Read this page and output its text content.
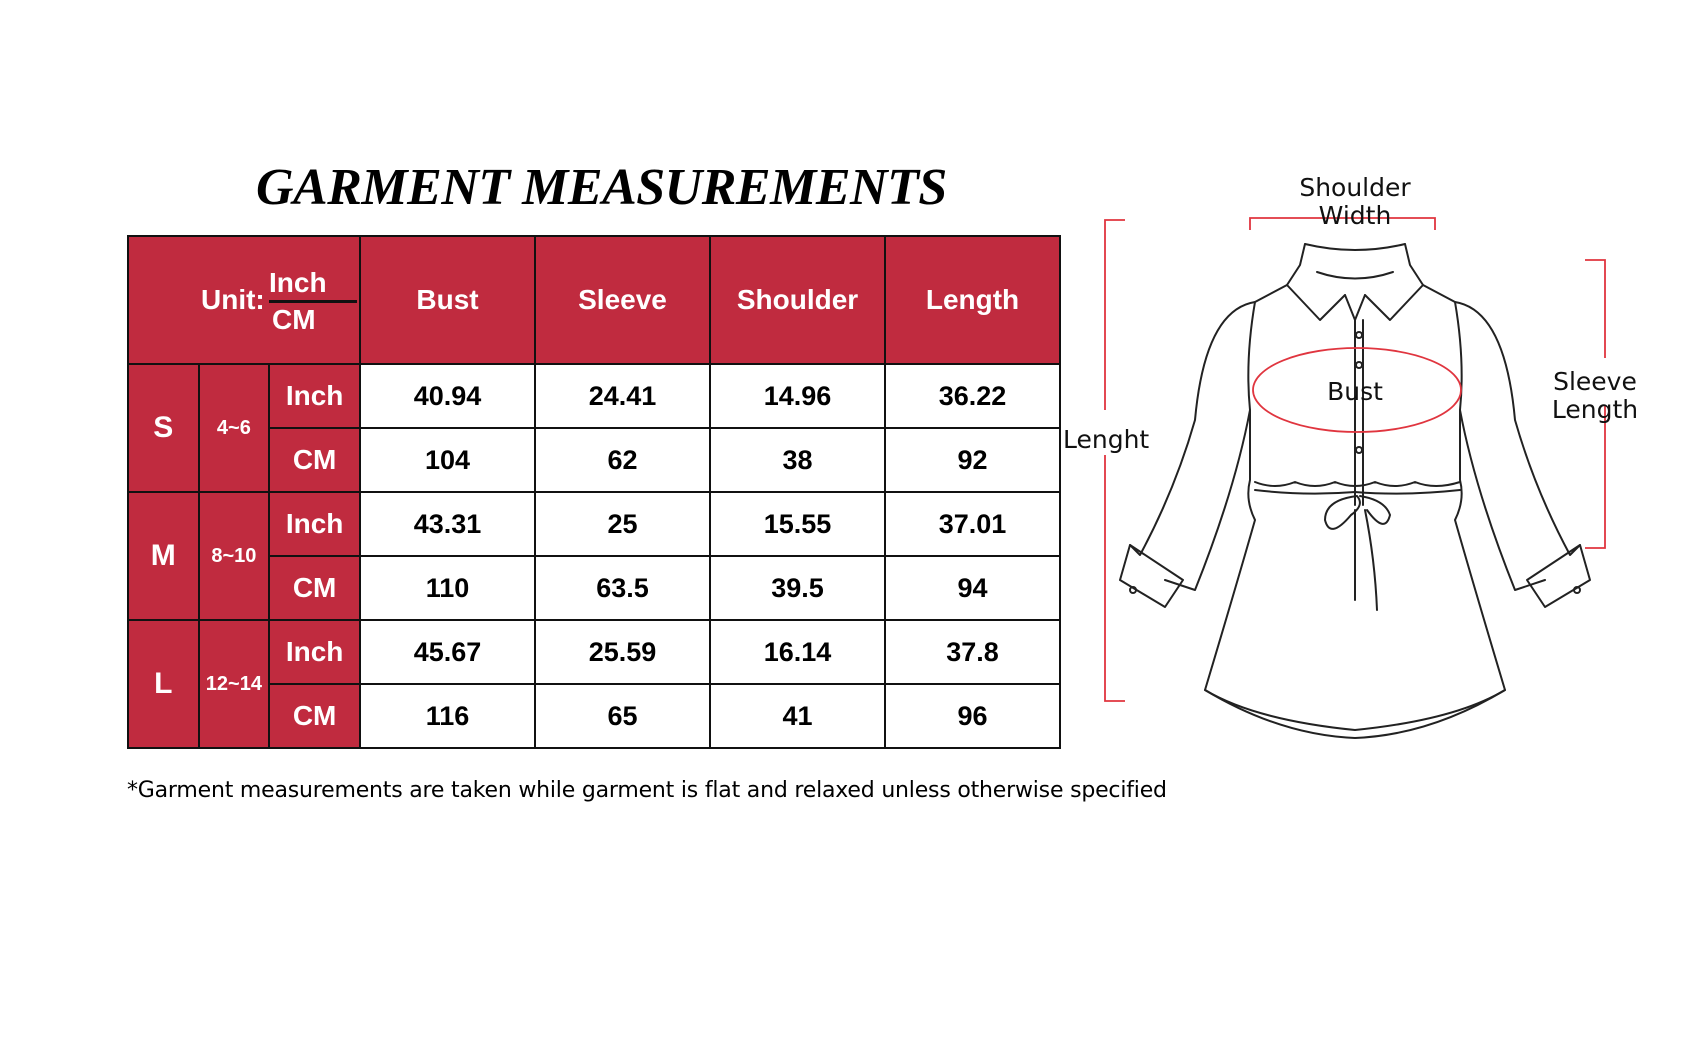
GARMENT MEASUREMENTS
Unit:
Inch
CM			Bust	Sleeve	Shoulder	Length
S	4~6	Inch	40.94	24.41	14.96	36.22
		CM	104	62	38	92
M	8~10	Inch	43.31	25	15.55	37.01
		CM	110	63.5	39.5	94
L	12~14	Inch	45.67	25.59	16.14	37.8
		CM	116	65	41	96
*Garment measurements are taken while garment is flat and relaxed unless otherwise specified
Shoulder
Width
Bust
Lenght
Sleeve
Length
